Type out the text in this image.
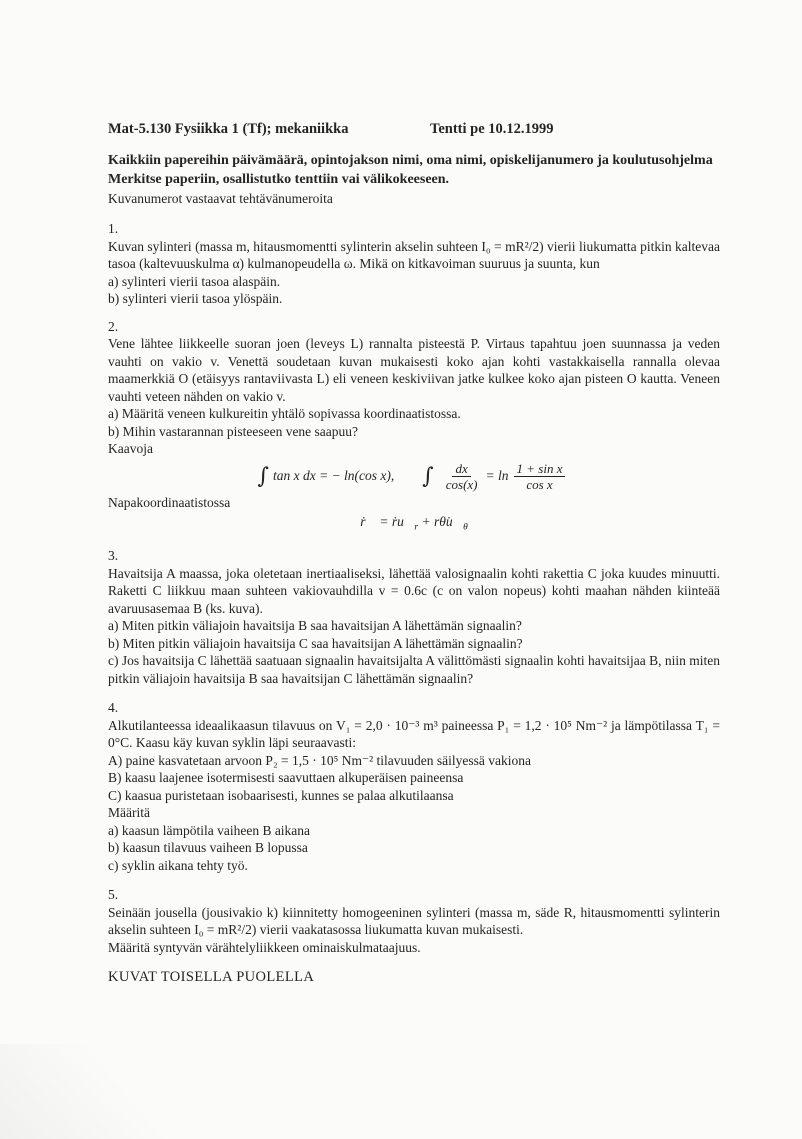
Mat-5.130 Fysiikka 1 (Tf); mekaniikka	Tentti pe 10.12.1999

Kaikkiin papereihin päivämäärä, opintojakson nimi, oma nimi, opiskelijanumero ja koulutusohjelma

Merkitse paperiin, osallistutko tenttiin vai välikokeeseen.

Kuvanumerot vastaavat tehtävänumeroita

1.

Kuvan sylinteri (massa m, hitausmomentti sylinterin akselin suhteen I₀ = mR²/2) vierii liukumatta pitkin kaltevaa tasoa (kaltevuuskulma α) kulmanopeudella ω. Mikä on kitkavoiman suuruus ja suunta, kun

a) sylinteri vierii tasoa alaspäin.
b) sylinteri vierii tasoa ylöspäin.
2.

Vene lähtee liikkeelle suoran joen (leveys L) rannalta pisteestä P. Virtaus tapahtuu joen suunnassa ja veden vauhti on vakio v. Venettä soudetaan kuvan mukaisesti koko ajan kohti vastakkaisella rannalla olevaa maamerkkiä O (etäisyys rantaviivasta L) eli veneen keskiviivan jatke kulkee koko ajan pisteen O kautta. Veneen vauhti veteen nähden on vakio v.

a) Määritä veneen kulkureitin yhtälö sopivassa koordinaatistossa.
b) Mihin vastarannan pisteeseen vene saapuu?
Kaavoja
∫ tan x dx = − ln(cos x), ∫ $\frac{dx}{\cos(x)} = \ln \frac{\text{1 + sin x}}{\text{cos x}}$
Napakoordinaatistossa
ṙ⃗ = $ṙu⃗_r$ + $r\thetȧu⃗_\theta$
3.

Havaitsija A maassa, joka oletetaan inertiaaliseksi, lähettää valosignaalin kohti rakettia C joka kuudes minuutti. Raketti C liikkuu maan suhteen vakiovauhdilla v = 0.6c (c on valon nopeus) kohti maahan nähden kiinteää avaruusasemaa B (ks. kuva).

a) Miten pitkin väliajoin havaitsija B saa havaitsijan A lähettämän signaalin?
b) Miten pitkin väliajoin havaitsija C saa havaitsijan A lähettämän signaalin?
c) Jos havaitsija C lähettää saatuaan signaalin havaitsijalta A välittömästi signaalin kohti havaitsijaa B, niin miten pitkin väliajoin havaitsija B saa havaitsijan C lähettämän signaalin?
4.

Alkutilanteessa ideaalikaasun tilavuus on V₁ = 2,0 · 10⁻³ m³ paineessa P₁ = 1,2 · 10⁵ Nm⁻² ja lämpötilassa T₁ = 0°C. Kaasu käy kuvan syklin läpi seuraavasti:

A) paine kasvatetaan arvoon P₂ = 1,5 · 10⁵ Nm⁻² tilavuuden säilyessä vakiona
B) kaasu laajenee isotermisesti saavuttaen alkuperäisen paineensa
C) kaasua puristetaan isobaarisesti, kunnes se palaa alkutilaansa
Määritä
a) kaasun lämpötila vaiheen B aikana
b) kaasun tilavuus vaiheen B lopussa
c) syklin aikana tehty työ.
5.

Seinään jousella (jousivakio k) kiinnitetty homogeeninen sylinteri (massa m, säde R, hitausmomentti sylinterin akselin suhteen I₀ = mR²/2) vierii vaakatasossa liukumatta kuvan mukaisesti.

Määritä syntyvän värähtelyliikkeen ominaiskulmataajuus.
KUVAT TOISELLA PUOLELLA
